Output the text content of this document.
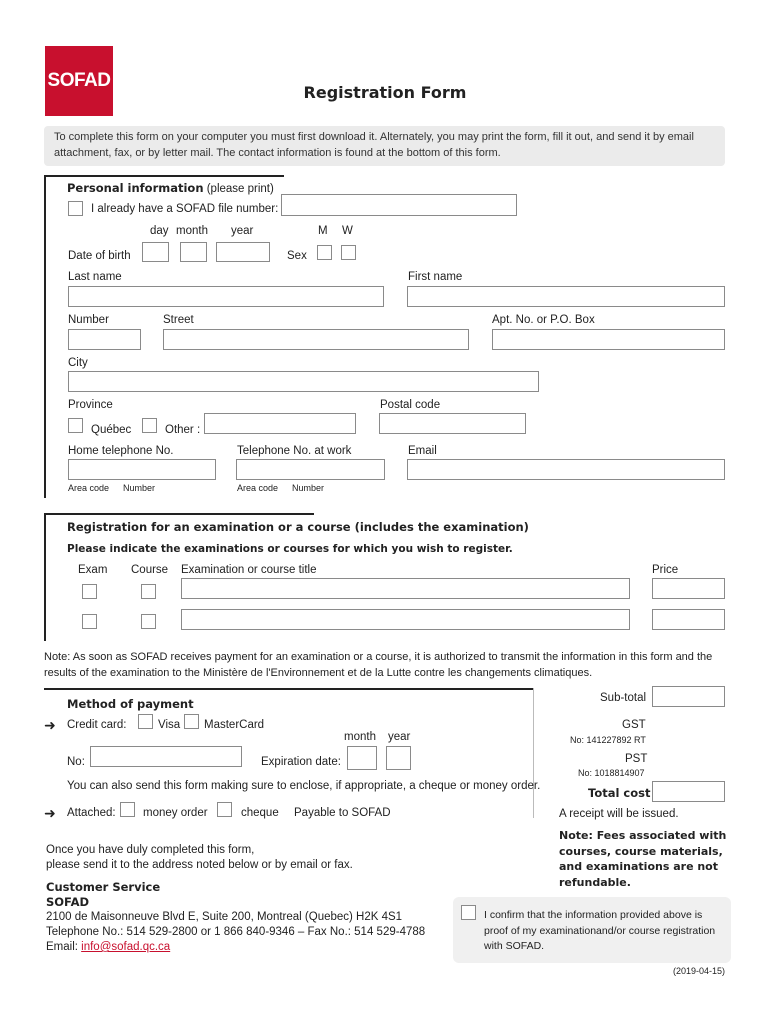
SOFAD
Registration Form
To complete this form on your computer you must first download it. Alternately, you may print the form, fill it out, and send it by email attachment, fax, or by letter mail. The contact information is found at the bottom of this form.
Personal information (please print)
I already have a SOFAD file number:
day month year	M W
Date of birth	Sex
Last name	First name
Number	Street	Apt. No. or P.O. Box
City
Province	Postal code
Québec	Other :
Home telephone No.	Telephone No. at work	Email
Area code Number	Area code Number
Registration for an examination or a course (includes the examination)
Please indicate the examinations or courses for which you wish to register.
Exam Course Examination or course title	Price
Note: As soon as SOFAD receives payment for an examination or a course, it is authorized to transmit the information in this form and the results of the examination to the Ministère de l'Environnement et de la Lutte contre les changements climatiques.
Method of payment
➜ Credit card:	Visa MasterCard
month year
No:	Expiration date:
You can also send this form making sure to enclose, if appropriate, a cheque or money order.
➜ Attached: money order	cheque Payable to SOFAD
Sub-total
GST
No: 141227892 RT
PST
No: 1018814907
Total cost
A receipt will be issued.
Note: Fees associated with courses, course materials, and examinations are not refundable.
Once you have duly completed this form,
please send it to the address noted below or by email or fax.
Customer Service
SOFAD
2100 de Maisonneuve Blvd E, Suite 200, Montreal (Quebec) H2K 4S1
Telephone No.: 514 529-2800 or 1 866 840-9346 – Fax No.: 514 529-4788
Email: info@sofad.qc.ca
I confirm that the information provided above is proof of my examinationand/or course registration with SOFAD.
(2019-04-15)
